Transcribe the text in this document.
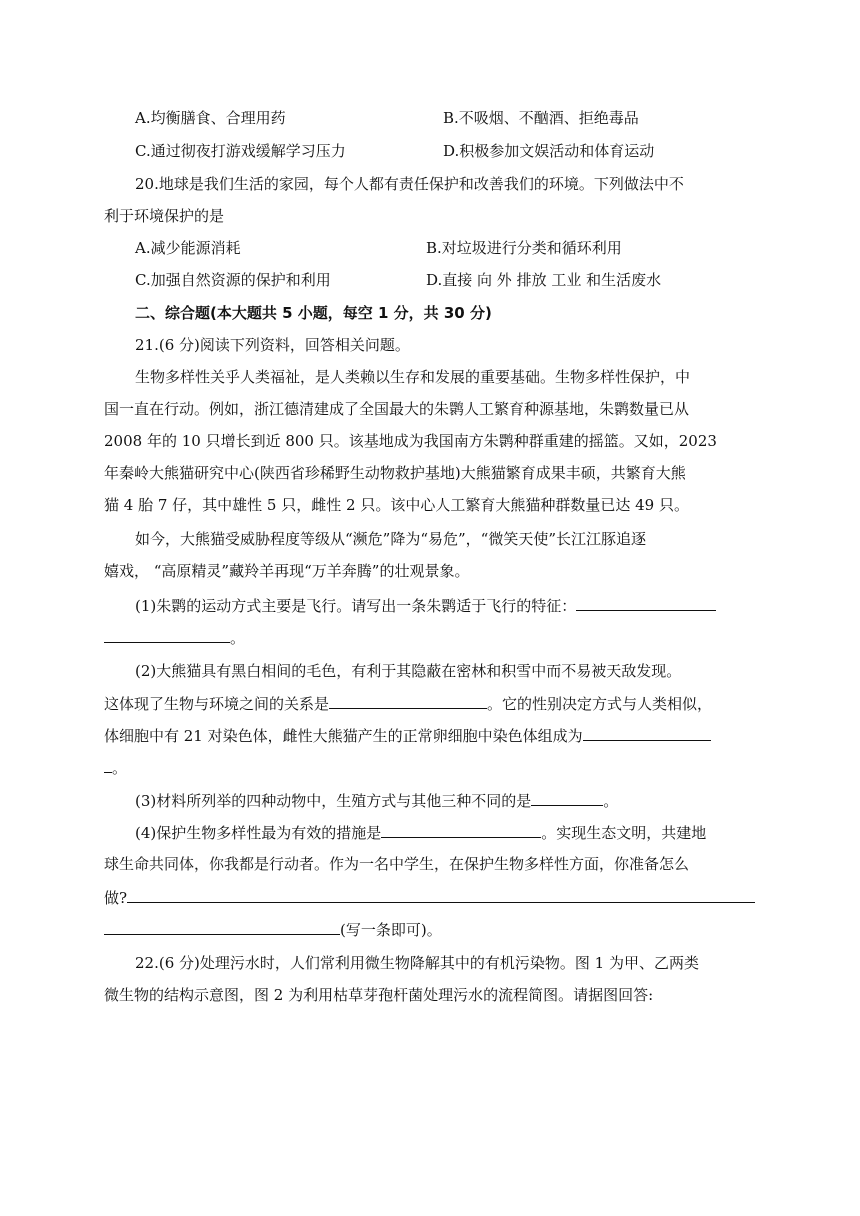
A.均衡膳食、合理用药	B.不吸烟、不酗酒、拒绝毒品
C.通过彻夜打游戏缓解学习压力	D.积极参加文娱活动和体育运动
20.地球是我们生活的家园，每个人都有责任保护和改善我们的环境。下列做法中不
利于环境保护的是
A.减少能源消耗	B.对垃圾进行分类和循环利用
C.加强自然资源的保护和利用	D.直接 向 外 排放 工业 和生活废水
二、综合题(本大题共 5 小题，每空 1 分，共 30 分)
21.(6 分)阅读下列资料，回答相关问题。
生物多样性关乎人类福祉，是人类赖以生存和发展的重要基础。生物多样性保护，中
国一直在行动。例如，浙江德清建成了全国最大的朱鹮人工繁育种源基地，朱鹮数量已从
2008 年的 10 只增长到近 800 只。该基地成为我国南方朱鹮种群重建的摇篮。又如，2023
年秦岭大熊猫研究中心(陕西省珍稀野生动物救护基地)大熊猫繁育成果丰硕，共繁育大熊
猫 4 胎 7 仔，其中雄性 5 只，雌性 2 只。该中心人工繁育大熊猫种群数量已达 49 只。
如今，大熊猫受威胁程度等级从“濒危”降为“易危”，“微笑天使”长江江豚追逐
嬉戏， “高原精灵”藏羚羊再现“万羊奔腾”的壮观景象。
(1)朱鹮的运动方式主要是飞行。请写出一条朱鹮适于飞行的特征：
。
(2)大熊猫具有黑白相间的毛色，有利于其隐蔽在密林和积雪中而不易被天敌发现。
这体现了生物与环境之间的关系是	。它的性别决定方式与人类相似，
体细胞中有 21 对染色体，雌性大熊猫产生的正常卵细胞中染色体组成为
。
(3)材料所列举的四种动物中，生殖方式与其他三种不同的是	。
(4)保护生物多样性最为有效的措施是	。实现生态文明，共建地
球生命共同体，你我都是行动者。作为一名中学生，在保护生物多样性方面，你准备怎么
做?
(写一条即可)。
22.(6 分)处理污水时，人们常利用微生物降解其中的有机污染物。图 1 为甲、乙两类
微生物的结构示意图，图 2 为利用枯草芽孢杆菌处理污水的流程简图。请据图回答:
